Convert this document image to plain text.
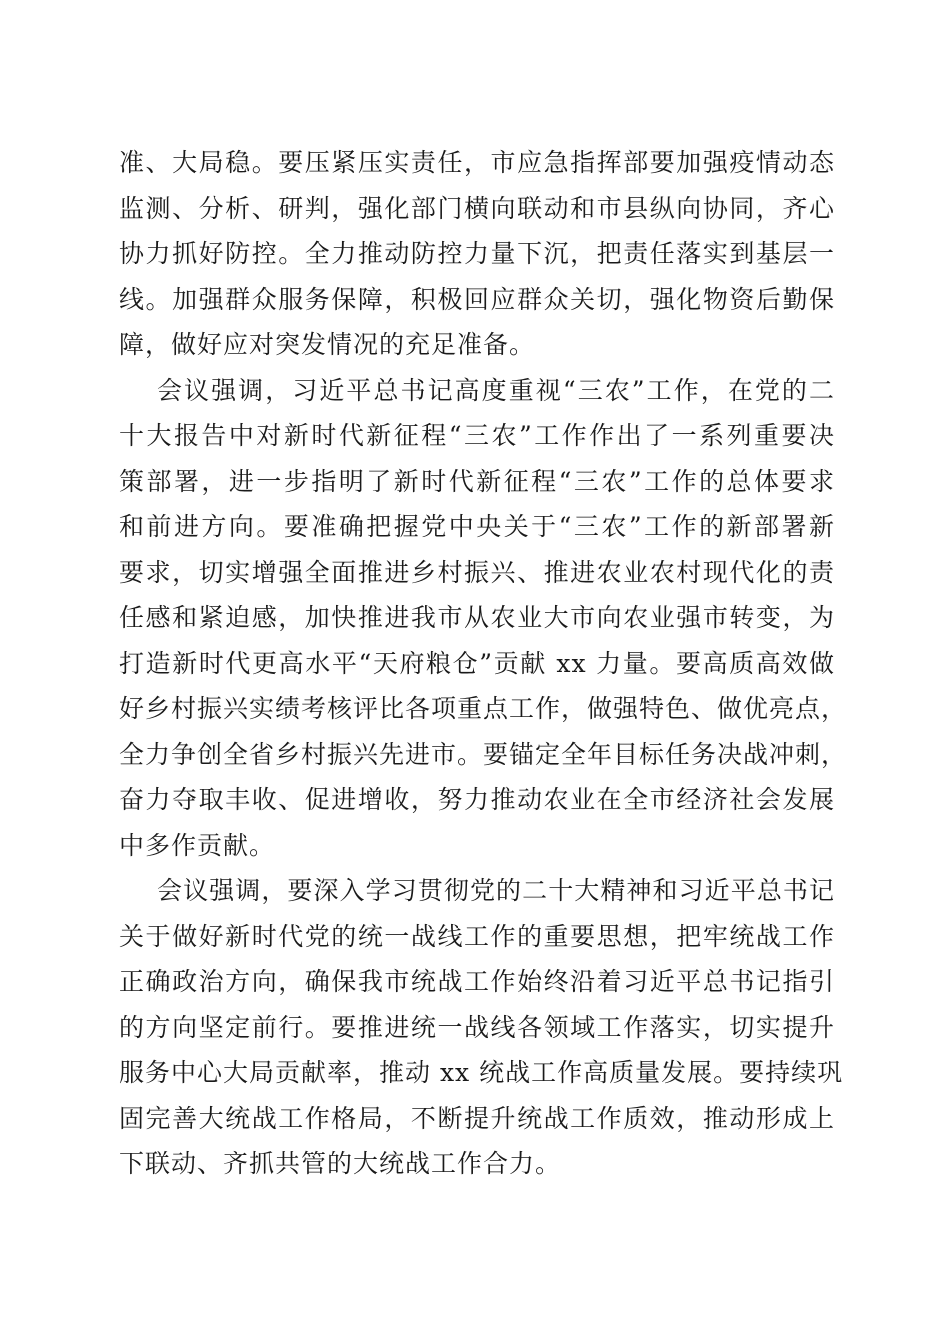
准、大局稳。要压紧压实责任，市应急指挥部要加强疫情动态
监测、分析、研判，强化部门横向联动和市县纵向协同，齐心
协力抓好防控。全力推动防控力量下沉，把责任落实到基层一
线。加强群众服务保障，积极回应群众关切，强化物资后勤保
障，做好应对突发情况的充足准备。
会议强调，习近平总书记高度重视“三农”工作，在党的二
十大报告中对新时代新征程“三农”工作作出了一系列重要决
策部署，进一步指明了新时代新征程“三农”工作的总体要求
和前进方向。要准确把握党中央关于“三农”工作的新部署新
要求，切实增强全面推进乡村振兴、推进农业农村现代化的责
任感和紧迫感，加快推进我市从农业大市向农业强市转变，为
打造新时代更高水平“天府粮仓”贡献 xx 力量。要高质高效做
好乡村振兴实绩考核评比各项重点工作，做强特色、做优亮点，
全力争创全省乡村振兴先进市。要锚定全年目标任务决战冲刺，
奋力夺取丰收、促进增收，努力推动农业在全市经济社会发展
中多作贡献。
会议强调，要深入学习贯彻党的二十大精神和习近平总书记
关于做好新时代党的统一战线工作的重要思想，把牢统战工作
正确政治方向，确保我市统战工作始终沿着习近平总书记指引
的方向坚定前行。要推进统一战线各领域工作落实，切实提升
服务中心大局贡献率，推动 xx 统战工作高质量发展。要持续巩
固完善大统战工作格局，不断提升统战工作质效，推动形成上
下联动、齐抓共管的大统战工作合力。
